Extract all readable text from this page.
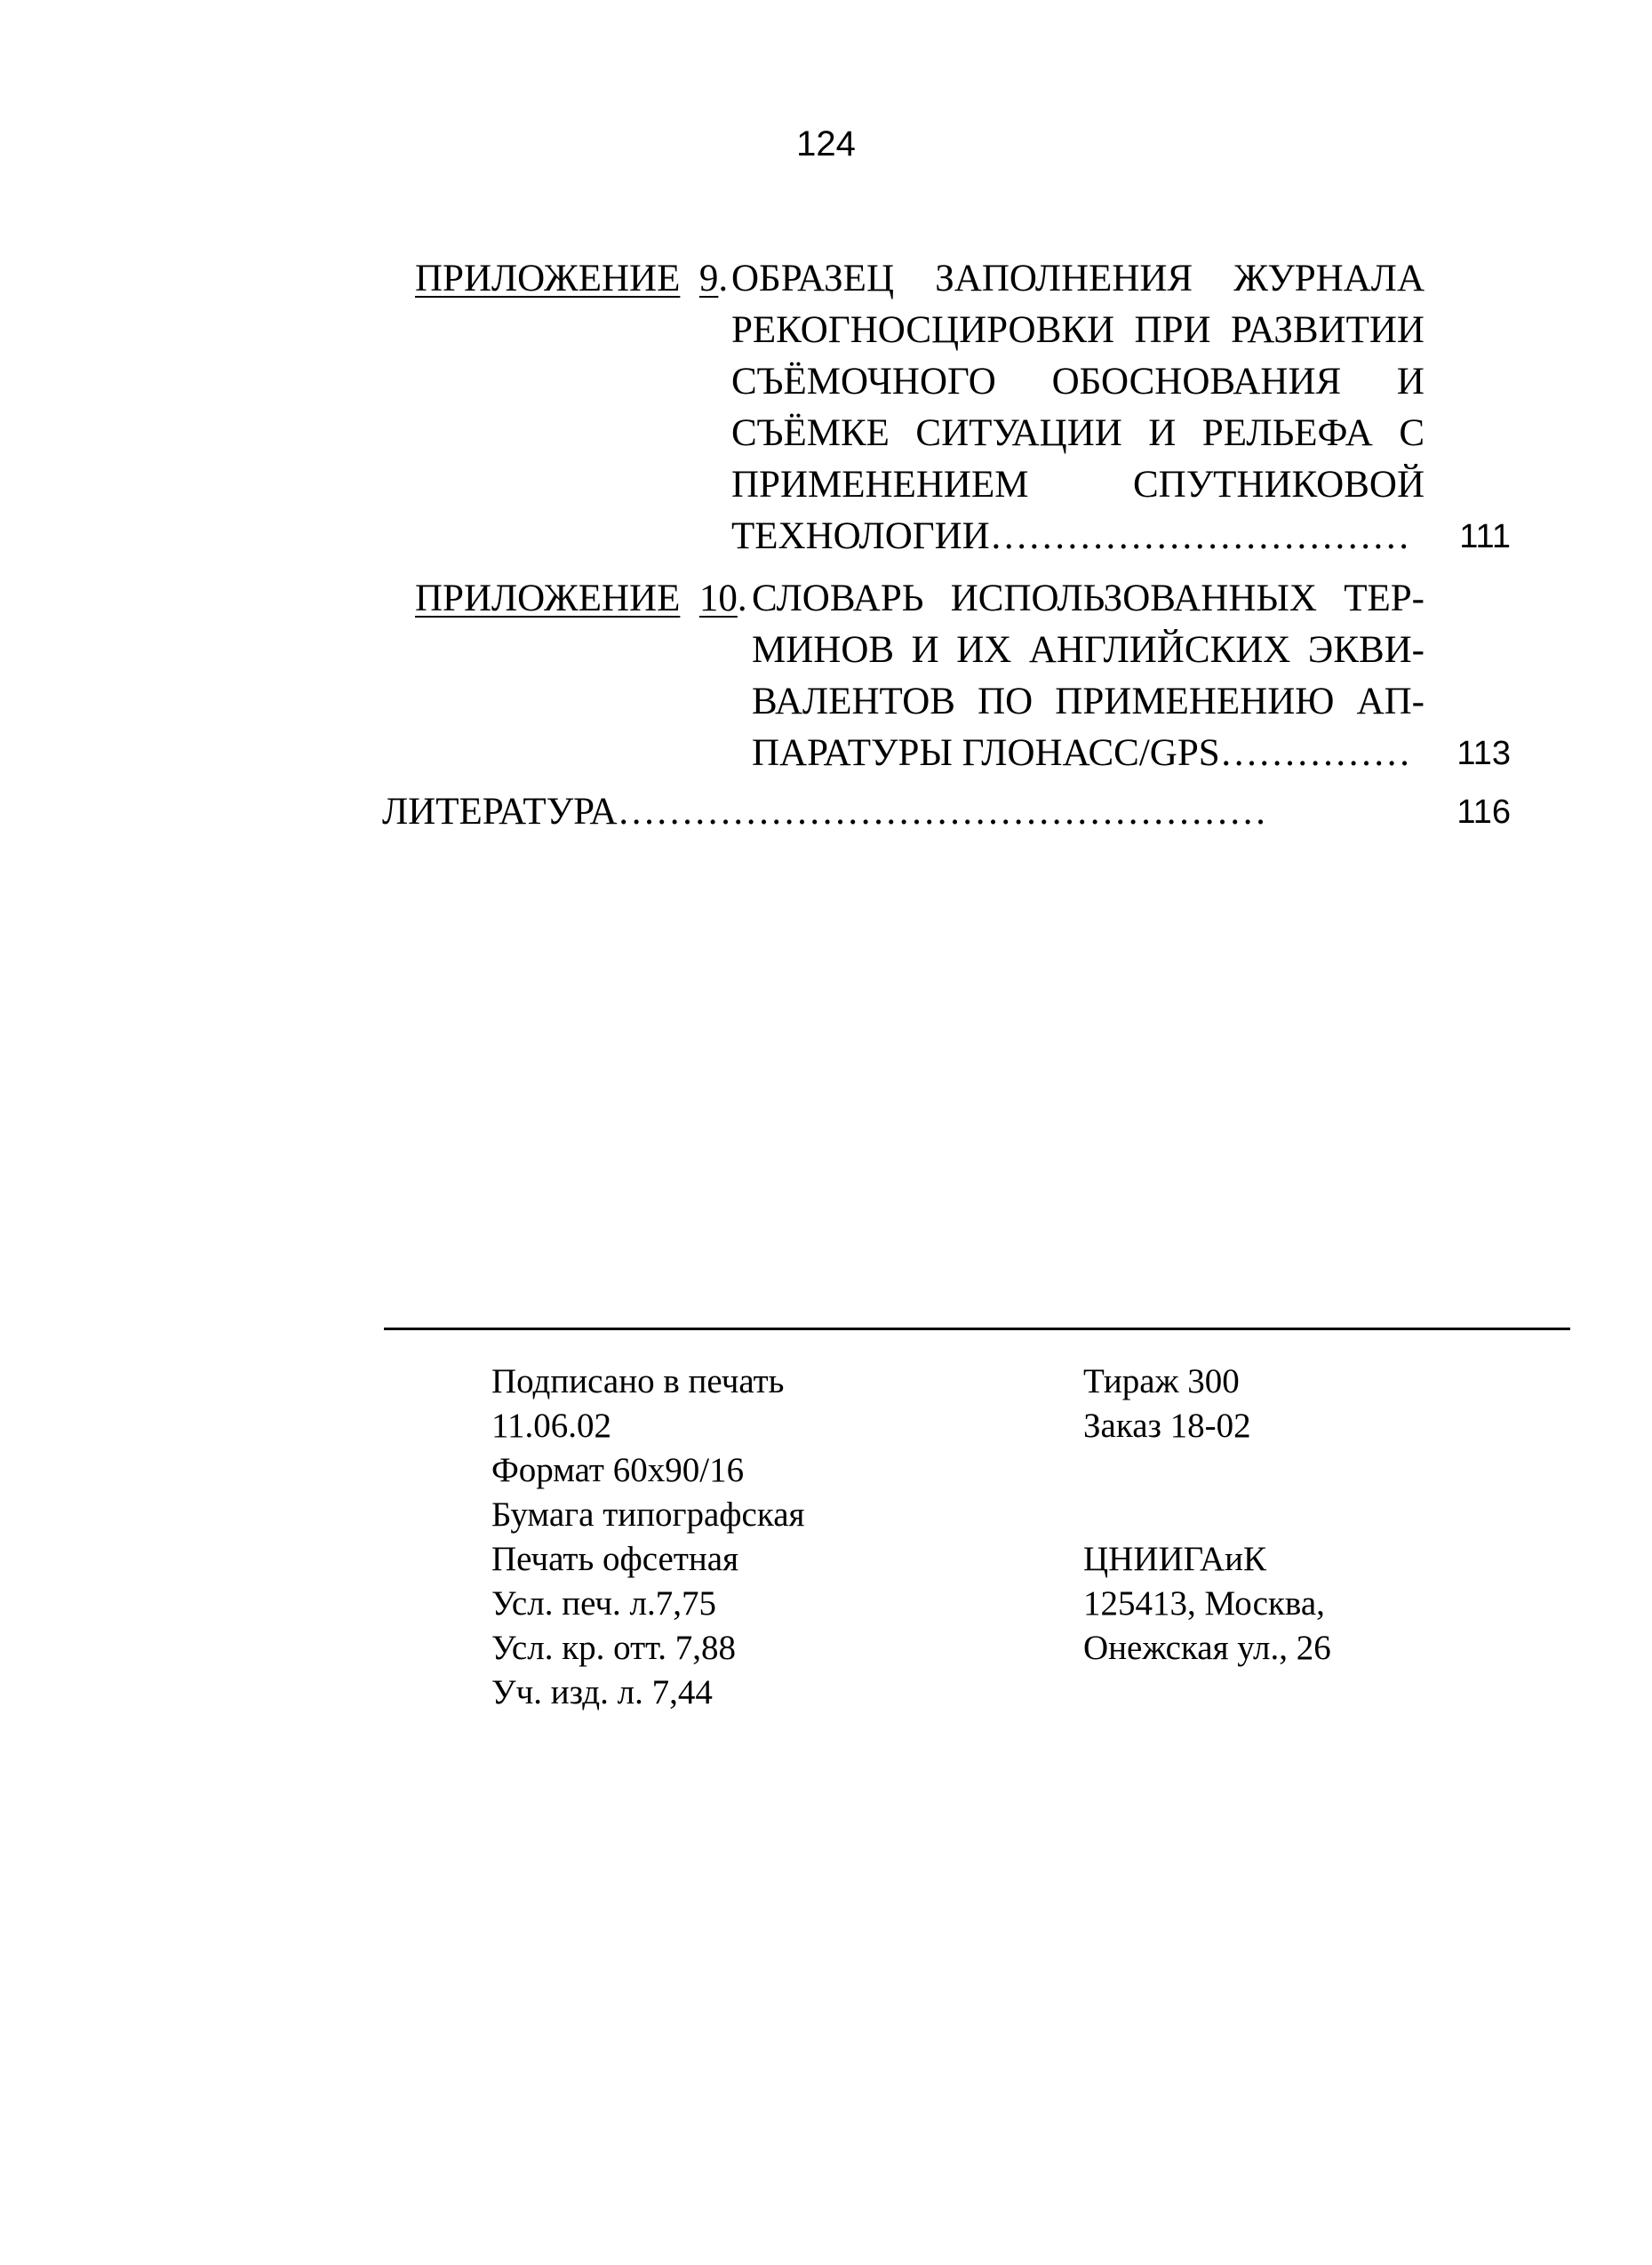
124
ПРИЛОЖЕНИЕ 9. ОБРАЗЕЦ ЗАПОЛНЕНИЯ ЖУРНАЛА
РЕКОГНОСЦИРОВКИ ПРИ РАЗВИТИИ
СЪЁМОЧНОГО ОБОСНОВАНИЯ И
СЪЁМКЕ СИТУАЦИИ И РЕЛЬЕФА С
ПРИМЕНЕНИЕМ СПУТНИКОВОЙ
ТЕХНОЛОГИИ……………………………	111
ПРИЛОЖЕНИЕ 10. СЛОВАРЬ ИСПОЛЬЗОВАННЫХ ТЕР-
МИНОВ И ИХ АНГЛИЙСКИХ ЭКВИ-
ВАЛЕНТОВ ПО ПРИМЕНЕНИЮ АП-
ПАРАТУРЫ ГЛОНАСС/GPS……………	113
ЛИТЕРАТУРА……………………………………………	116
Подписано в печать
11.06.02
Формат 60x90/16
Бумага типографская
Печать офсетная
Усл. печ. л.7,75
Усл. кр. отт. 7,88
Уч. изд. л. 7,44
Тираж 300
Заказ 18-02
ЦНИИГАиК
125413, Москва,
Онежская ул., 26
